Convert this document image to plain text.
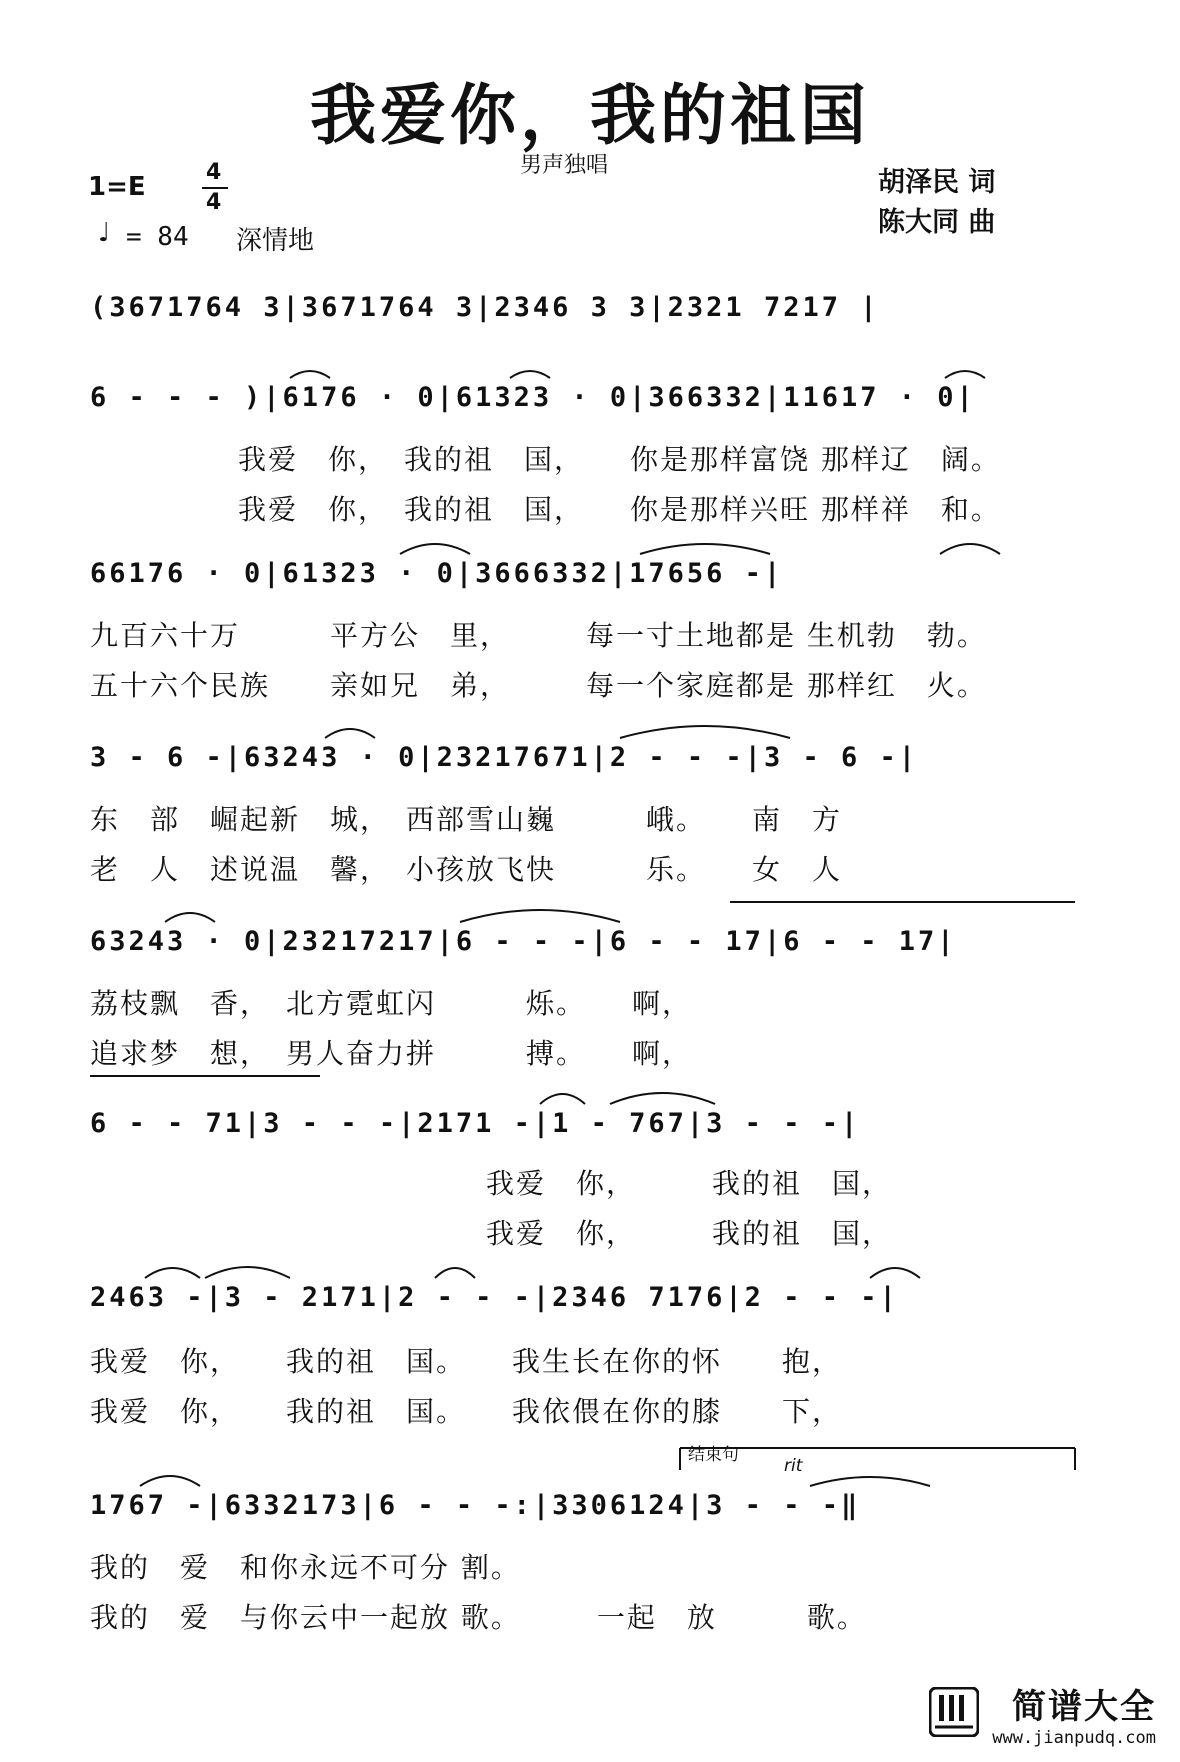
我爱你，我的祖国
1=E	4
4
♩ = 84 深情地
男声独唱
胡泽民 词
陈大同 曲
(3671764 3|3671764 3|2346 3 3|2321 7217 |
6 - - - )|6176 · 0|61323 · 0|366332|11617 · 0|
我爱　你，　我的祖　国，　　你是那样富饶 那样辽　阔。
我爱　你，　我的祖　国，　　你是那样兴旺 那样祥　和。
66176 · 0|61323 · 0|3666332|17656 -|
九百六十万　　　平方公　里，　　　每一寸土地都是 生机勃　勃。
五十六个民族　　亲如兄　弟，　　　每一个家庭都是 那样红　火。
3 - 6 -|63243 · 0|23217671|2 - - -|3 - 6 -|
东　部　崛起新　城，　西部雪山巍　　　峨。　　南　方
老　人　述说温　馨，　小孩放飞快　　　乐。　　女　人
63243 · 0|23217217|6 - - -|6 - - 17|6 - - 17|
荔枝飘　香，　北方霓虹闪　　　烁。　　啊，
追求梦　想，　男人奋力拼　　　搏。　　啊，
6 - - 71|3 - - -|2171 -|1 - 767|3 - - -|
我爱　你，　　　我的祖　国，
我爱　你，　　　我的祖　国，
2463 -|3 - 2171|2 - - -|2346 7176|2 - - -|
我爱　你，　　我的祖　国。　　我生长在你的怀　　抱，
我爱　你，　　我的祖　国。　　我依偎在你的膝　　下，
结束句
rit
1767 -|6332173|6 - - -:|3306124|3 - - -‖
我的　爱　和你永远不可分 割。
我的　爱　与你云中一起放 歌。　　　一起　放　　　歌。

简谱大全
www.jianpudq.com
